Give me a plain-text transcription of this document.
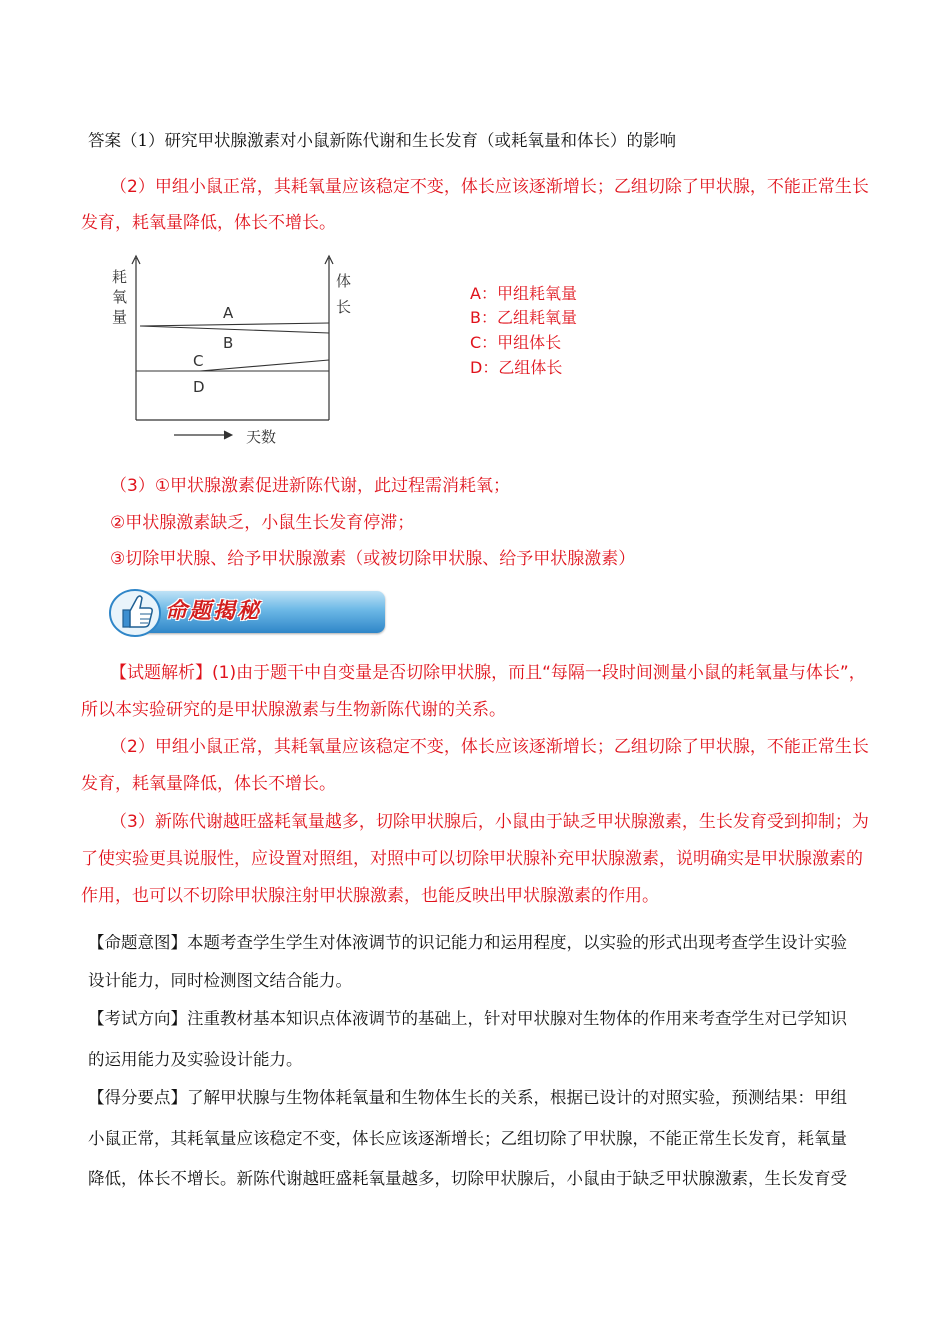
答案（1）研究甲状腺激素对小鼠新陈代谢和生长发育（或耗氧量和体长）的影响
（2）甲组小鼠正常，其耗氧量应该稳定不变，体长应该逐渐增长；乙组切除了甲状腺，不能正常生长
发育，耗氧量降低，体长不增长。
耗
氧
量
体
长
A
B
C
D
天数
A：甲组耗氧量
B：乙组耗氧量
C：甲组体长
D：乙组体长
（3）①甲状腺激素促进新陈代谢，此过程需消耗氧；
②甲状腺激素缺乏，小鼠生长发育停滞；
③切除甲状腺、给予甲状腺激素（或被切除甲状腺、给予甲状腺激素）
命题揭秘
【试题解析】(1)由于题干中自变量是否切除甲状腺，而且“每隔一段时间测量小鼠的耗氧量与体长”，
所以本实验研究的是甲状腺激素与生物新陈代谢的关系。
（2）甲组小鼠正常，其耗氧量应该稳定不变，体长应该逐渐增长；乙组切除了甲状腺，不能正常生长
发育，耗氧量降低，体长不增长。
（3）新陈代谢越旺盛耗氧量越多，切除甲状腺后，小鼠由于缺乏甲状腺激素，生长发育受到抑制；为
了使实验更具说服性，应设置对照组，对照中可以切除甲状腺补充甲状腺激素，说明确实是甲状腺激素的
作用，也可以不切除甲状腺注射甲状腺激素，也能反映出甲状腺激素的作用。
【命题意图】本题考查学生学生对体液调节的识记能力和运用程度，以实验的形式出现考查学生设计实验
设计能力，同时检测图文结合能力。
【考试方向】注重教材基本知识点体液调节的基础上，针对甲状腺对生物体的作用来考查学生对已学知识
的运用能力及实验设计能力。
【得分要点】了解甲状腺与生物体耗氧量和生物体生长的关系，根据已设计的对照实验，预测结果：甲组
小鼠正常，其耗氧量应该稳定不变，体长应该逐渐增长；乙组切除了甲状腺，不能正常生长发育，耗氧量
降低，体长不增长。新陈代谢越旺盛耗氧量越多，切除甲状腺后，小鼠由于缺乏甲状腺激素，生长发育受
